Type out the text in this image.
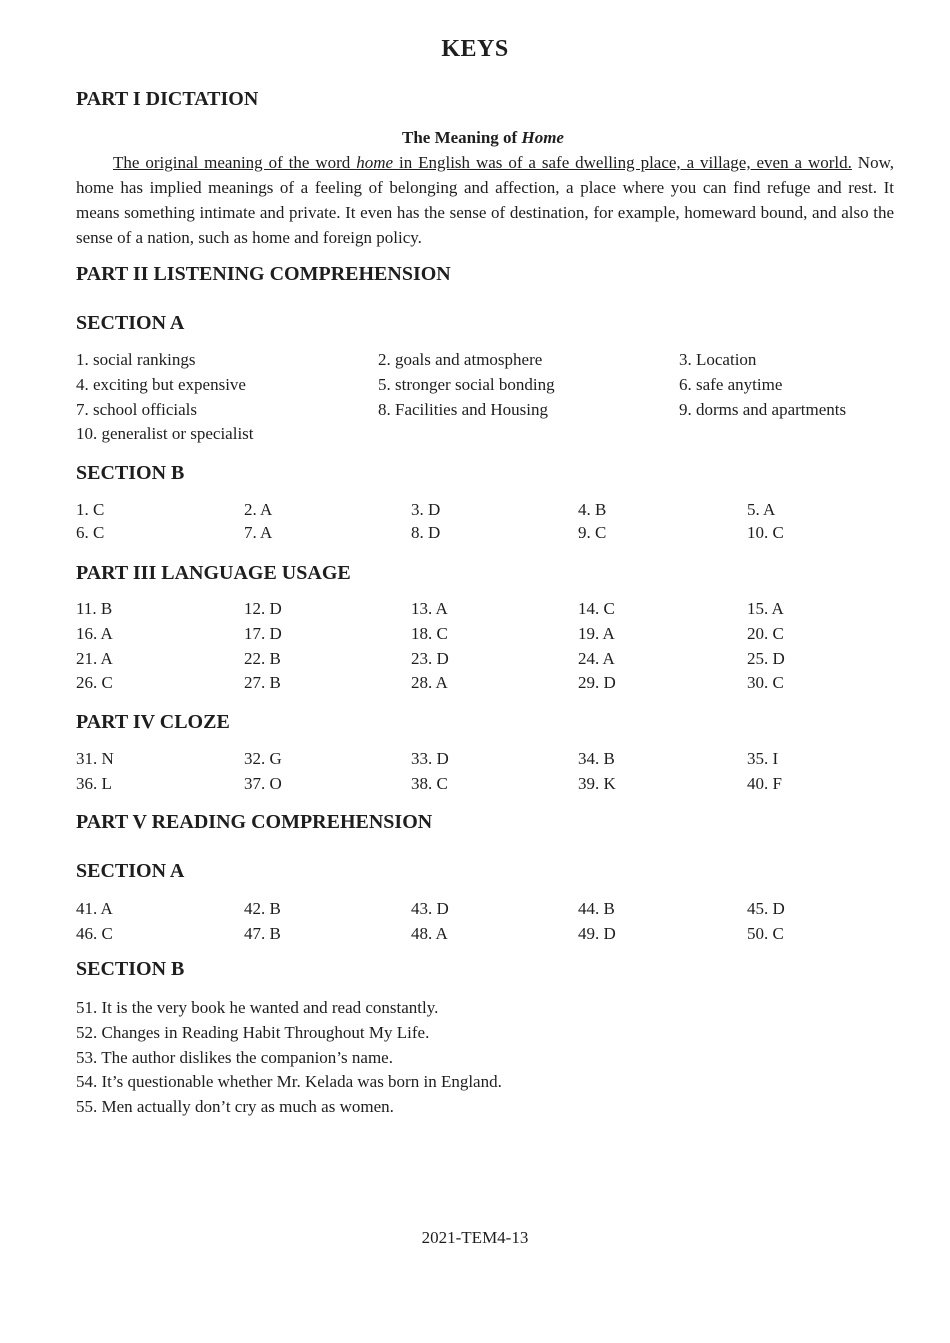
KEYS
PART I DICTATION
The Meaning of Home
The original meaning of the word home in English was of a safe dwelling place, a village, even a world. Now, home has implied meanings of a feeling of belonging and affection, a place where you can find refuge and rest. It means something intimate and private. It even has the sense of destination, for example, homeward bound, and also the sense of a nation, such as home and foreign policy.
PART II LISTENING COMPREHENSION
SECTION A
1. social rankings	2. goals and atmosphere	3. Location
4. exciting but expensive	5. stronger social bonding	6. safe anytime
7. school officials	8. Facilities and Housing	9. dorms and apartments
10. generalist or specialist
SECTION B
1. C	2. A	3. D	4. B	5. A
6. C	7. A	8. D	9. C	10. C
PART III LANGUAGE USAGE
11. B	12. D	13. A	14. C	15. A
16. A	17. D	18. C	19. A	20. C
21. A	22. B	23. D	24. A	25. D
26. C	27. B	28. A	29. D	30. C
PART IV CLOZE
31. N	32. G	33. D	34. B	35. I
36. L	37. O	38. C	39. K	40. F
PART V READING COMPREHENSION
SECTION A
41. A	42. B	43. D	44. B	45. D
46. C	47. B	48. A	49. D	50. C
SECTION B
51. It is the very book he wanted and read constantly.
52. Changes in Reading Habit Throughout My Life.
53. The author dislikes the companion’s name.
54. It’s questionable whether Mr. Kelada was born in England.
55. Men actually don’t cry as much as women.
2021-TEM4-13
